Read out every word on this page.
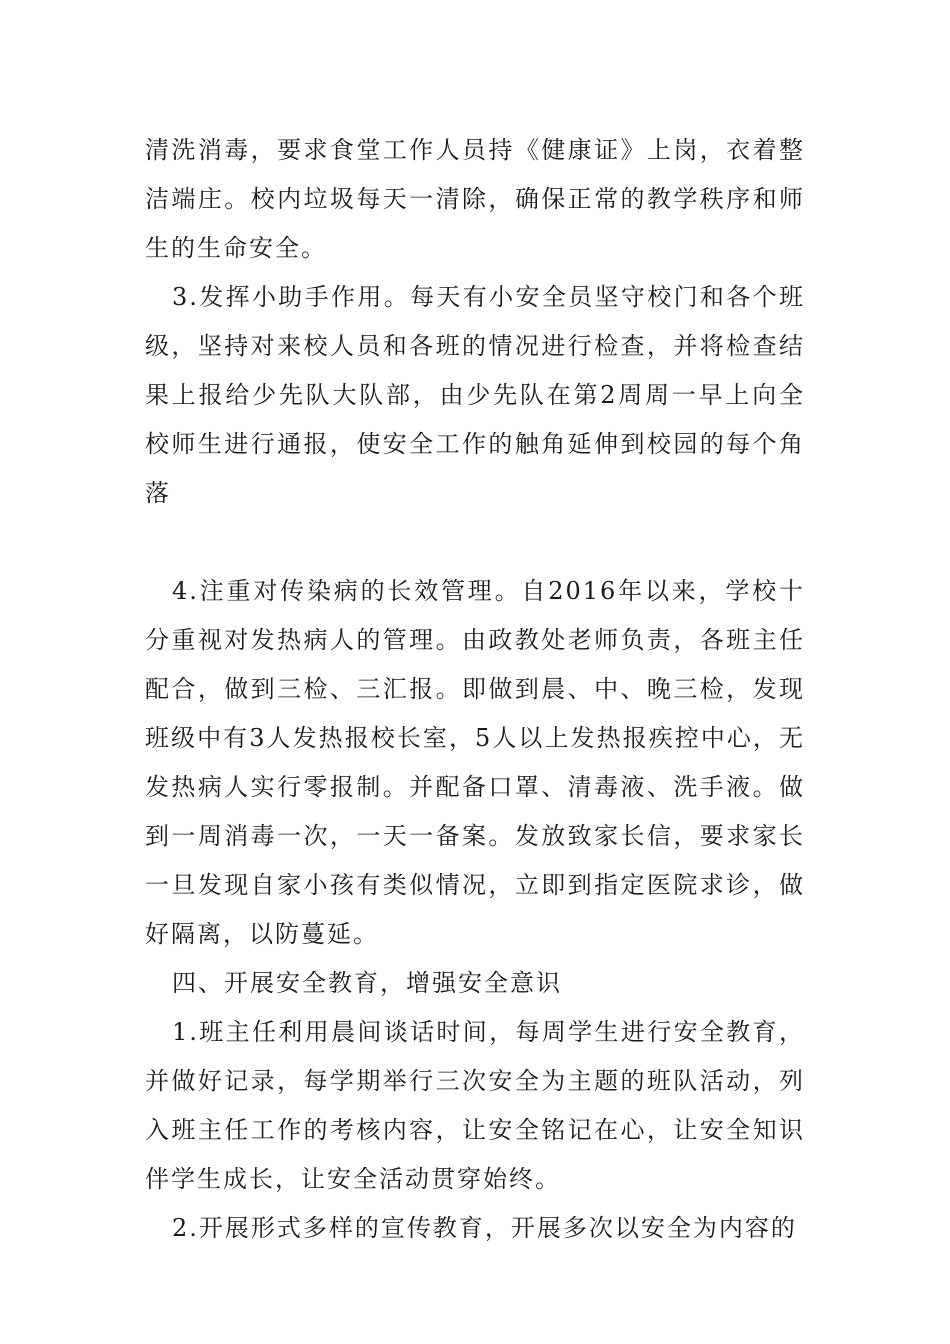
清洗消毒，要求食堂工作人员持《健康证》上岗，衣着整洁端庄。校内垃圾每天一清除，确保正常的教学秩序和师生的生命安全。

3.发挥小助手作用。每天有小安全员坚守校门和各个班级，坚持对来校人员和各班的情况进行检查，并将检查结果上报给少先队大队部，由少先队在第2周周一早上向全校师生进行通报，使安全工作的触角延伸到校园的每个角落

4.注重对传染病的长效管理。自2016年以来，学校十分重视对发热病人的管理。由政教处老师负责，各班主任配合，做到三检、三汇报。即做到晨、中、晚三检，发现班级中有3人发热报校长室，5人以上发热报疾控中心，无发热病人实行零报制。并配备口罩、清毒液、洗手液。做到一周消毒一次，一天一备案。发放致家长信，要求家长一旦发现自家小孩有类似情况，立即到指定医院求诊，做好隔离，以防蔓延。

四、开展安全教育，增强安全意识

1.班主任利用晨间谈话时间，每周学生进行安全教育，并做好记录，每学期举行三次安全为主题的班队活动，列入班主任工作的考核内容，让安全铭记在心，让安全知识伴学生成长，让安全活动贯穿始终。

2.开展形式多样的宣传教育，开展多次以安全为内容的
